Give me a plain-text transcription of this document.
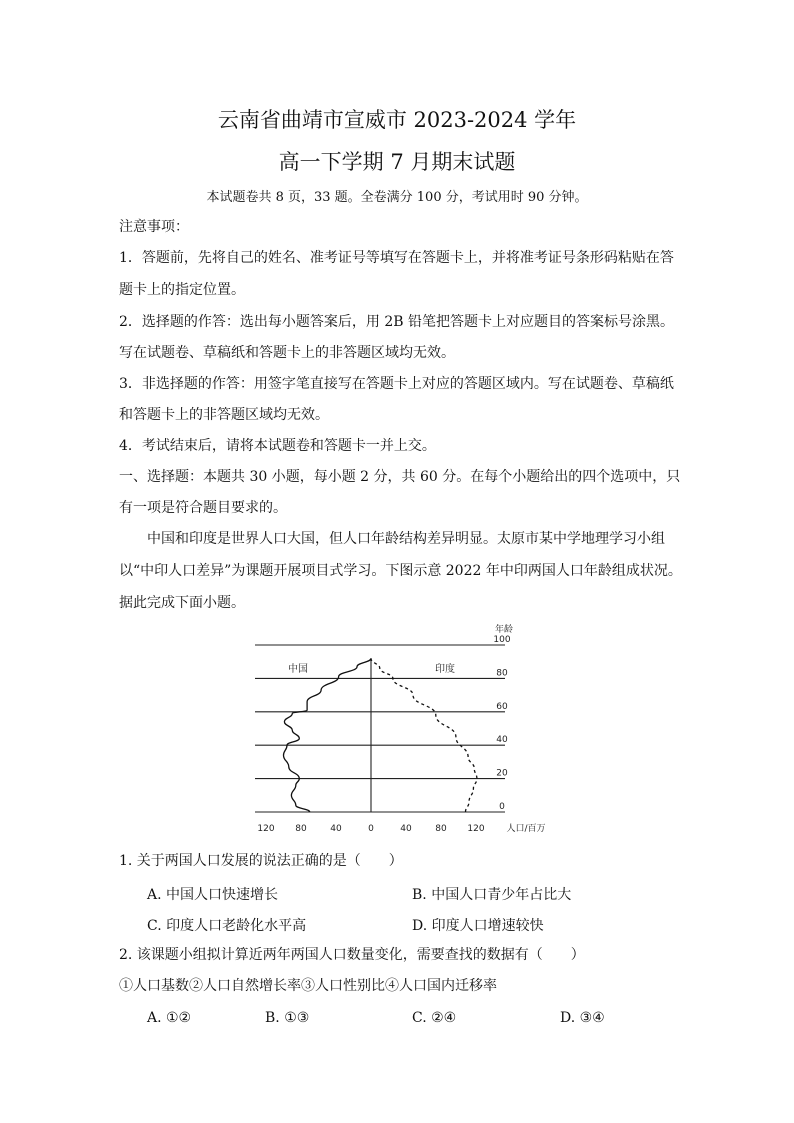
云南省曲靖市宣威市 2023-2024 学年
高一下学期 7 月期末试题
本试题卷共 8 页，33 题。全卷满分 100 分，考试用时 90 分钟。
注意事项：
1．答题前，先将自己的姓名、准考证号等填写在答题卡上，并将准考证号条形码粘贴在答
题卡上的指定位置。
2．选择题的作答：选出每小题答案后，用 2B 铅笔把答题卡上对应题目的答案标号涂黑。
写在试题卷、草稿纸和答题卡上的非答题区域均无效。
3．非选择题的作答：用签字笔直接写在答题卡上对应的答题区域内。写在试题卷、草稿纸
和答题卡上的非答题区域均无效。
4．考试结束后，请将本试题卷和答题卡一并上交。
一、选择题：本题共 30 小题，每小题 2 分，共 60 分。在每个小题给出的四个选项中，只
有一项是符合题目要求的。
中国和印度是世界人口大国，但人口年龄结构差异明显。太原市某中学地理学习小组
以“中印人口差异”为课题开展项目式学习。下图示意 2022 年中印两国人口年龄组成状况。
据此完成下面小题。
0
20
40
60
80
100
年龄
中国	印度
120 80	40	0	40	80 120 人口/百万
1. 关于两国人口发展的说法正确的是（　　）
A. 中国人口快速增长	B. 中国人口青少年占比大
C. 印度人口老龄化水平高	D. 印度人口增速较快
2. 该课题小组拟计算近两年两国人口数量变化，需要查找的数据有（　　）
①人口基数②人口自然增长率③人口性别比④人口国内迁移率
A. ①②	B. ①③	C. ②④	D. ③④
